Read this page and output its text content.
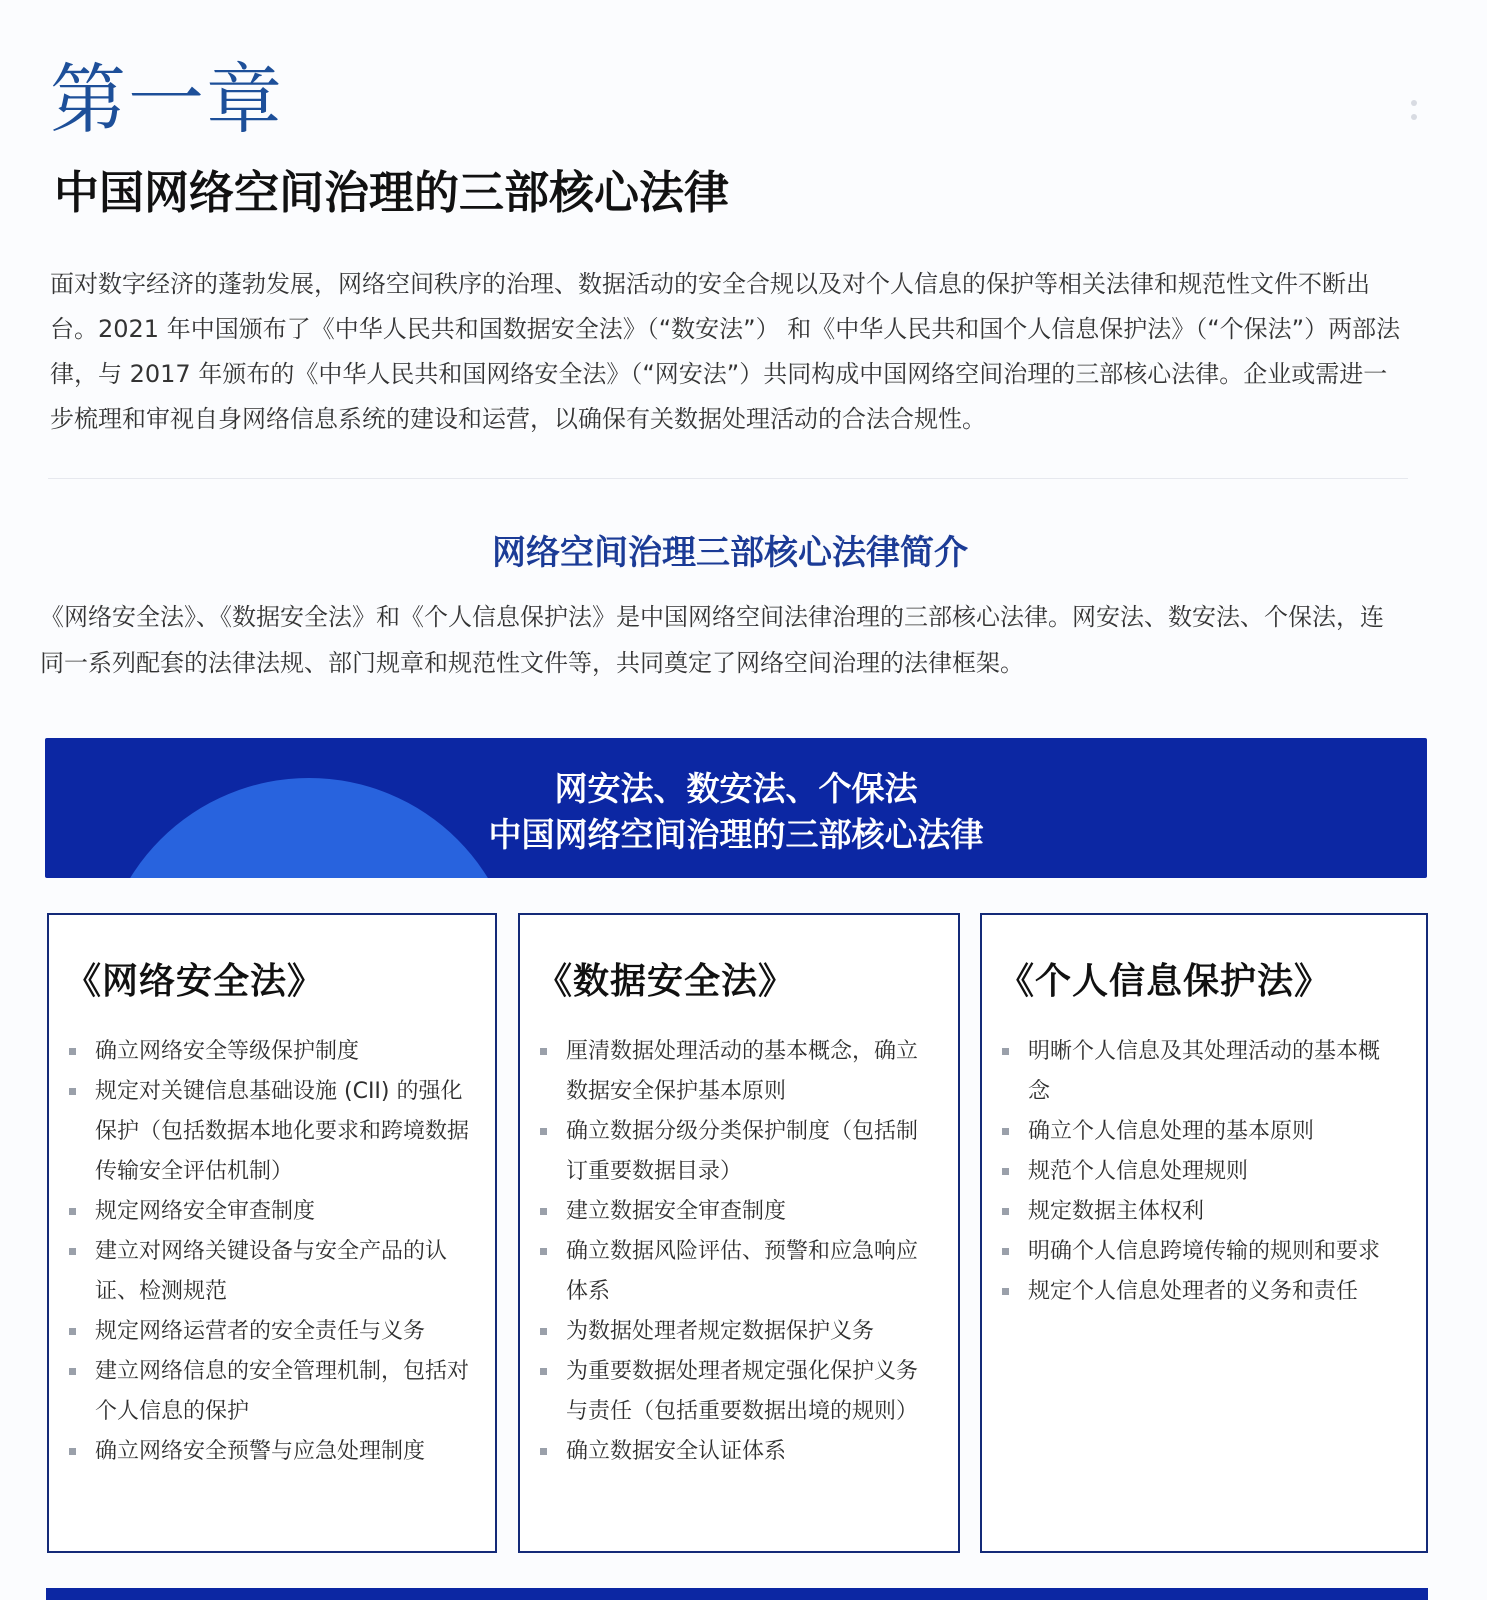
第一章
中国网络空间治理的三部核心法律

面对数字经济的蓬勃发展，网络空间秩序的治理、数据活动的安全合规以及对个人信息的保护等相关法律和规范性文件不断出台。2021 年中国颁布了《中华人民共和国数据安全法》（“数安法”） 和《中华人民共和国个人信息保护法》（“个保法”）两部法律，与 2017 年颁布的《中华人民共和国网络安全法》（“网安法”）共同构成中国网络空间治理的三部核心法律。企业或需进一步梳理和审视自身网络信息系统的建设和运营，以确保有关数据处理活动的合法合规性。

网络空间治理三部核心法律简介

《网络安全法》、《数据安全法》和《个人信息保护法》是中国网络空间法律治理的三部核心法律。网安法、数安法、个保法，连同一系列配套的法律法规、部门规章和规范性文件等，共同奠定了网络空间治理的法律框架。

网安法、数安法、个保法
中国网络空间治理的三部核心法律
《网络安全法》
确立网络安全等级保护制度
规定对关键信息基础设施 (CII) 的强化保护（包括数据本地化要求和跨境数据传输安全评估机制）
规定网络安全审查制度
建立对网络关键设备与安全产品的认证、检测规范
规定网络运营者的安全责任与义务
建立网络信息的安全管理机制，包括对个人信息的保护
确立网络安全预警与应急处理制度
《数据安全法》
厘清数据处理活动的基本概念，确立数据安全保护基本原则
确立数据分级分类保护制度（包括制订重要数据目录）
建立数据安全审查制度
确立数据风险评估、预警和应急响应体系
为数据处理者规定数据保护义务
为重要数据处理者规定强化保护义务与责任（包括重要数据出境的规则）
确立数据安全认证体系
《个人信息保护法》
明晰个人信息及其处理活动的基本概念
确立个人信息处理的基本原则
规范个人信息处理规则
规定数据主体权利
明确个人信息跨境传输的规则和要求
规定个人信息处理者的义务和责任
